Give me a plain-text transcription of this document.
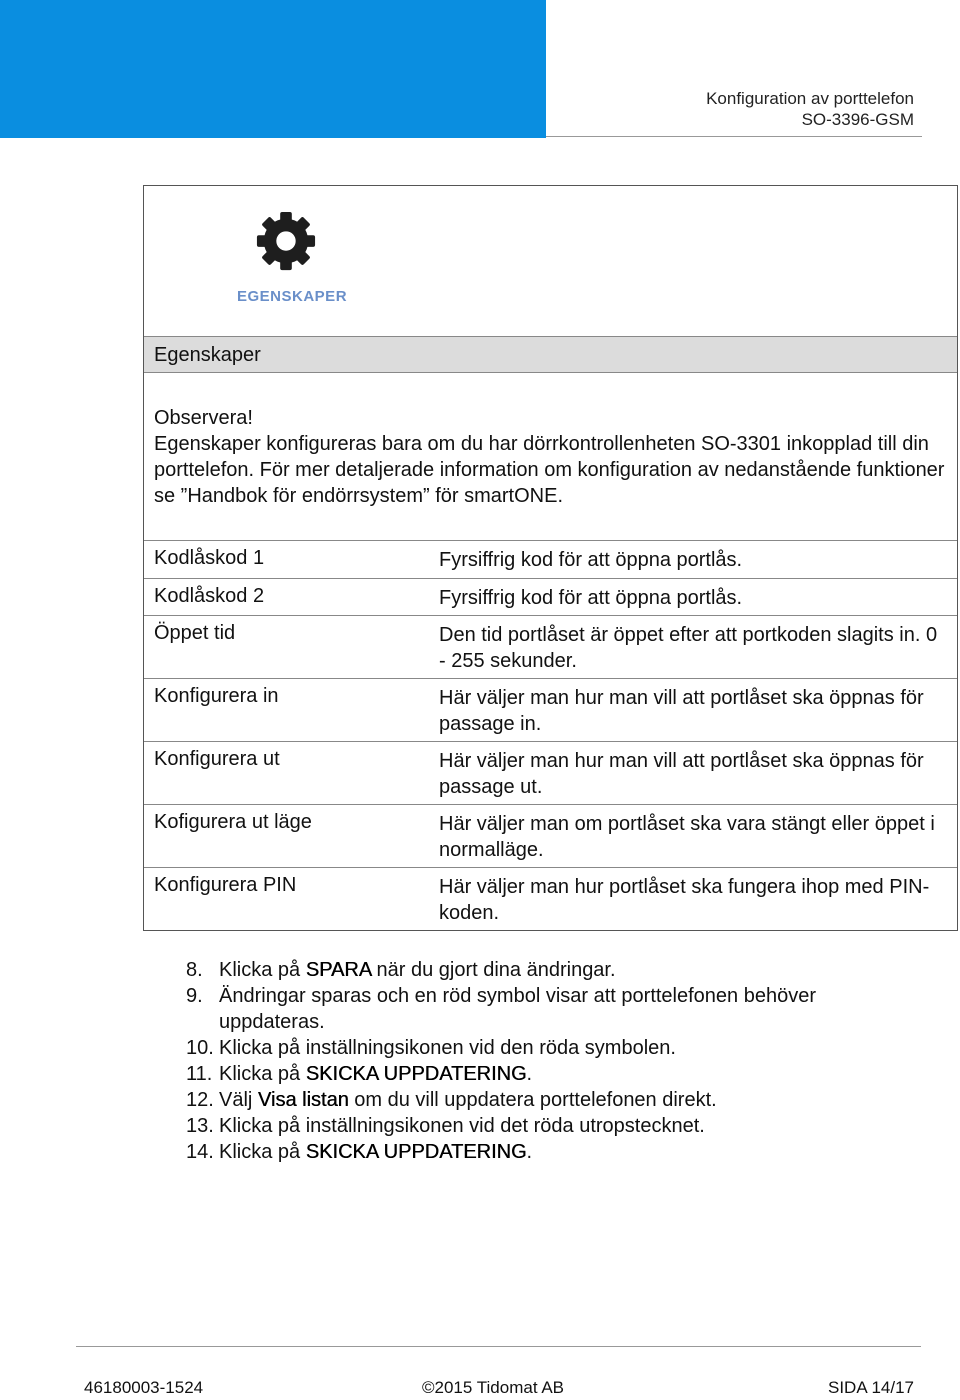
Konfiguration av porttelefon
SO-3396-GSM
EGENSKAPER
Egenskaper
Observera!
Egenskaper konfigureras bara om du har dörrkontrollenheten SO-3301 inkopplad till din porttelefon. För mer detaljerade information om konfiguration av nedanstående funktioner se ”Handbok för endörrsystem” för smartONE.
Kodlåskod 1	Fyrsiffrig kod för att öppna portlås.
Kodlåskod 2	Fyrsiffrig kod för att öppna portlås.
Öppet tid	Den tid portlåset är öppet efter att portkoden slagits in. 0 - 255 sekunder.
Konfigurera in	Här väljer man hur man vill att portlåset ska öppnas för passage in.
Konfigurera ut	Här väljer man hur man vill att portlåset ska öppnas för passage ut.
Kofigurera ut läge	Här väljer man om portlåset ska vara stängt eller öppet i normalläge.
Konfigurera PIN	Här väljer man hur portlåset ska fungera ihop med PIN-koden.
8. Klicka på SPARA när du gjort dina ändringar.
9. Ändringar sparas och en röd symbol visar att porttelefonen behöver uppdateras.
10. Klicka på inställningsikonen vid den röda symbolen.
11. Klicka på SKICKA UPPDATERING.
12. Välj Visa listan om du vill uppdatera porttelefonen direkt.
13. Klicka på inställningsikonen vid det röda utropstecknet.
14. Klicka på SKICKA UPPDATERING.
46180003-1524	©2015 Tidomat AB	SIDA 14/17
